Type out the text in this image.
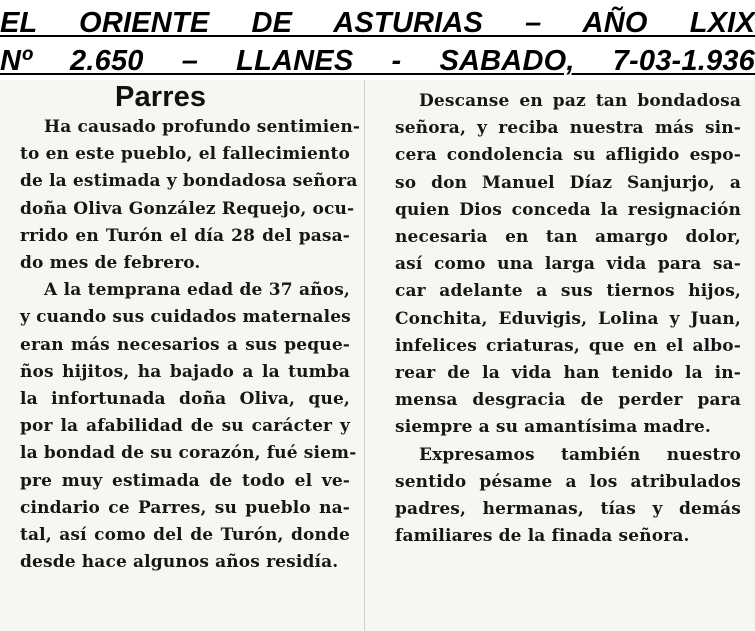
EL ORIENTE DE ASTURIAS – AÑO LXIX
Nº 2.650 – LLANES - SABADO, 7-03-1.936
Parres
Ha causado profundo sentimien-
to en este pueblo, el fallecimiento
de la estimada y bondadosa señora
doña Oliva González Requejo, ocu-
rrido en Turón el día 28 del pasa-
do mes de febrero.
A la temprana edad de 37 años,
y cuando sus cuidados maternales
eran más necesarios a sus peque-
ños hijitos, ha bajado a la tumba
la infortunada doña Oliva, que,
por la afabilidad de su carácter y
la bondad de su corazón, fué siem-
pre muy estimada de todo el ve-
cindario ce Parres, su pueblo na-
tal, así como del de Turón, donde
desde hace algunos años residía.
Descanse en paz tan bondadosa
señora, y reciba nuestra más sin-
cera condolencia su afligido espo-
so don Manuel Díaz Sanjurjo, a
quien Dios conceda la resignación
necesaria en tan amargo dolor,
así como una larga vida para sa-
car adelante a sus tiernos hijos,
Conchita, Eduvigis, Lolina y Juan,
infelices criaturas, que en el albo-
rear de la vida han tenido la in-
mensa desgracia de perder para
siempre a su amantísima madre.
Expresamos también nuestro
sentido pésame a los atribulados
padres, hermanas, tías y demás
familiares de la finada señora.
